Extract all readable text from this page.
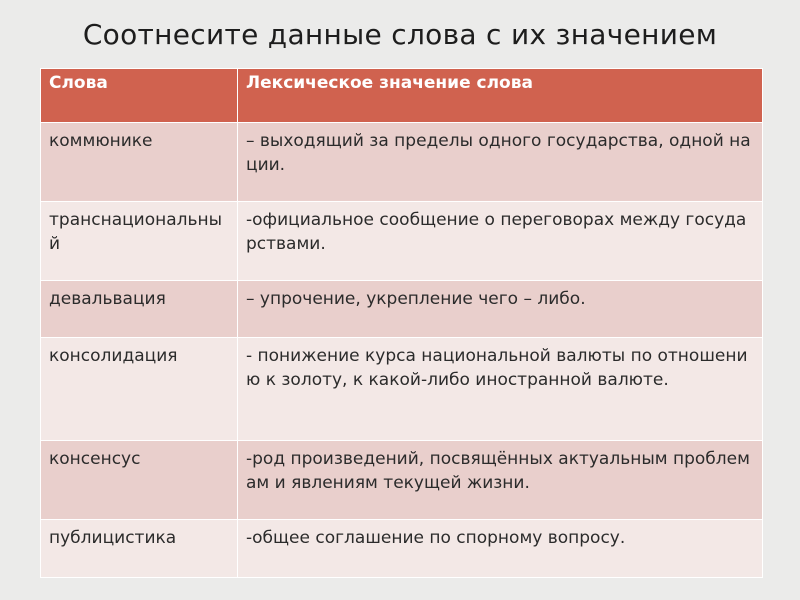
Соотнесите данные слова с их значением
Слова	Лексическое значение слова
коммюнике	– выходящий за пределы одного государства, одной нации.
транснациональный	-официальное сообщение о переговорах между государствами.
девальвация	– упрочение, укрепление чего – либо.
консолидация	- понижение курса национальной валюты по отношению к золоту, к какой-либо иностранной валюте.
консенсус	-род произведений, посвящённых актуальным проблемам и явлениям текущей жизни.
публицистика	-общее соглашение по спорному вопросу.
